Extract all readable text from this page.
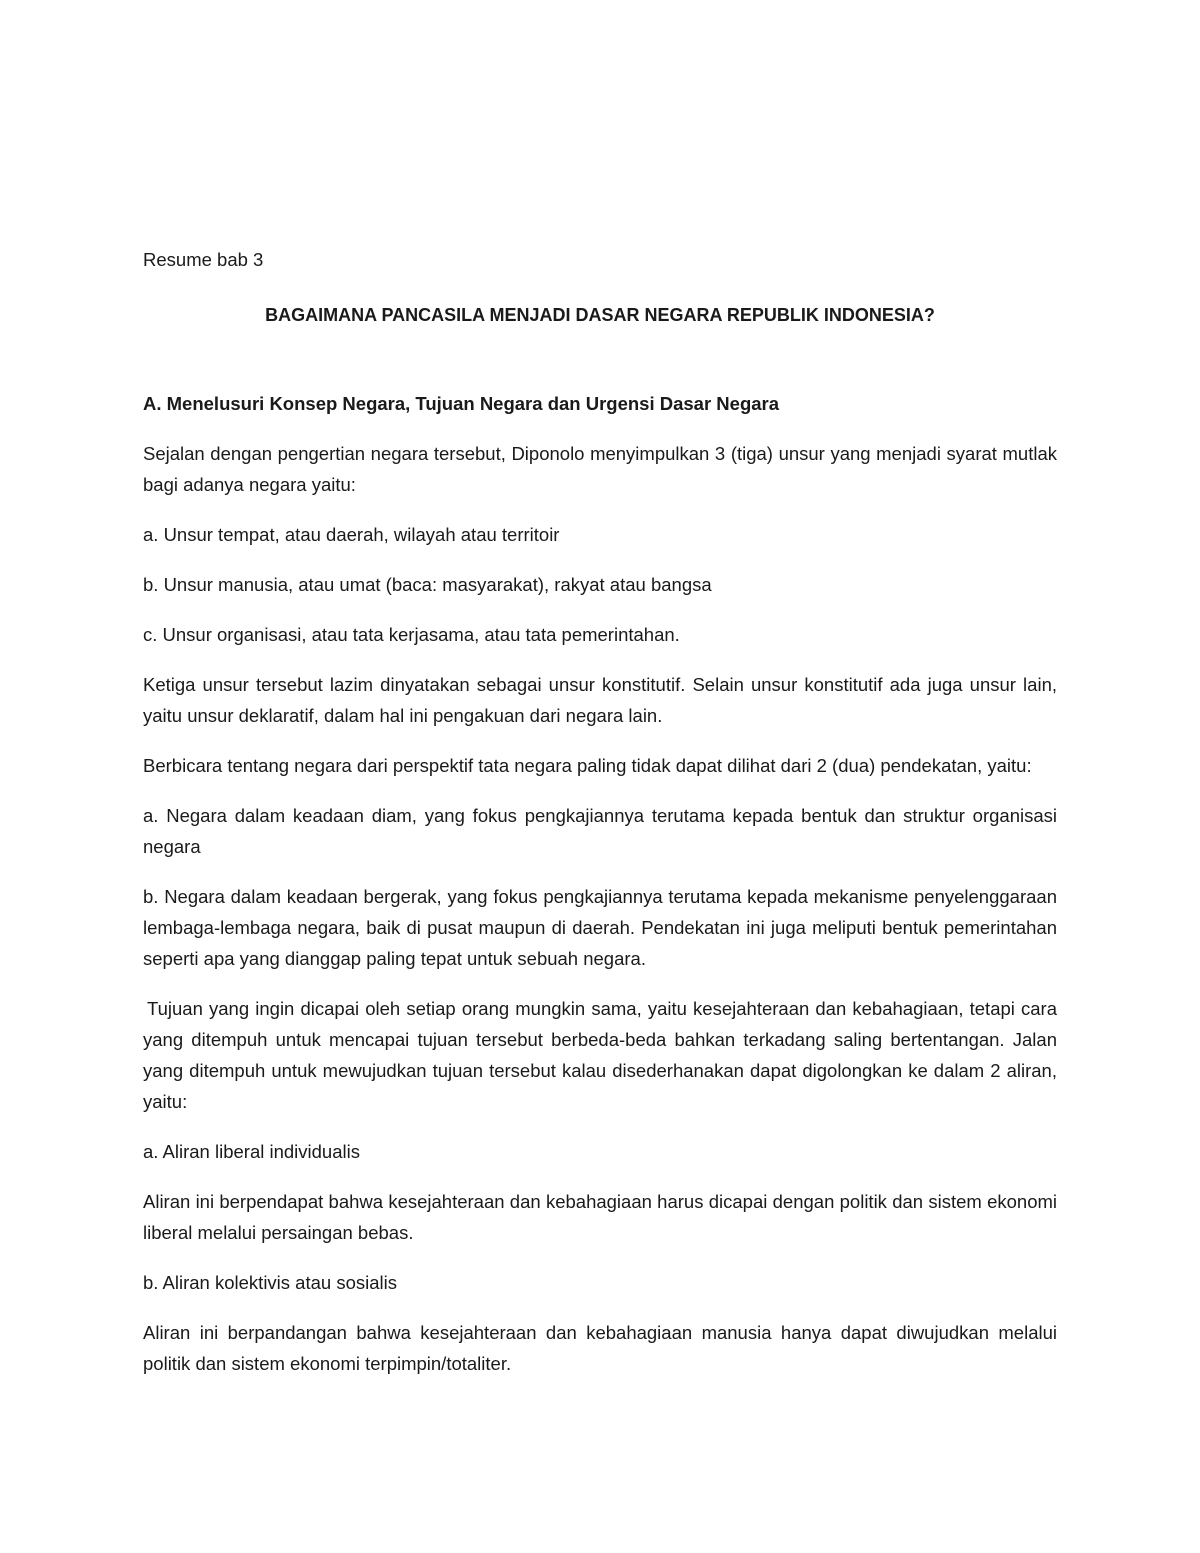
Resume bab 3

BAGAIMANA PANCASILA MENJADI DASAR NEGARA REPUBLIK INDONESIA?

A. Menelusuri Konsep Negara, Tujuan Negara dan Urgensi Dasar Negara

Sejalan dengan pengertian negara tersebut, Diponolo menyimpulkan 3 (tiga) unsur yang menjadi syarat mutlak bagi adanya negara yaitu:

a. Unsur tempat, atau daerah, wilayah atau territoir

b. Unsur manusia, atau umat (baca: masyarakat), rakyat atau bangsa

c. Unsur organisasi, atau tata kerjasama, atau tata pemerintahan.

Ketiga unsur tersebut lazim dinyatakan sebagai unsur konstitutif. Selain unsur konstitutif ada juga unsur lain, yaitu unsur deklaratif, dalam hal ini pengakuan dari negara lain.

Berbicara tentang negara dari perspektif tata negara paling tidak dapat dilihat dari 2 (dua) pendekatan, yaitu:

a. Negara dalam keadaan diam, yang fokus pengkajiannya terutama kepada bentuk dan struktur organisasi negara

b. Negara dalam keadaan bergerak, yang fokus pengkajiannya terutama kepada mekanisme penyelenggaraan lembaga-lembaga negara, baik di pusat maupun di daerah. Pendekatan ini juga meliputi bentuk pemerintahan seperti apa yang dianggap paling tepat untuk sebuah negara.

Tujuan yang ingin dicapai oleh setiap orang mungkin sama, yaitu kesejahteraan dan kebahagiaan, tetapi cara yang ditempuh untuk mencapai tujuan tersebut berbeda-beda bahkan terkadang saling bertentangan. Jalan yang ditempuh untuk mewujudkan tujuan tersebut kalau disederhanakan dapat digolongkan ke dalam 2 aliran, yaitu:

a. Aliran liberal individualis

Aliran ini berpendapat bahwa kesejahteraan dan kebahagiaan harus dicapai dengan politik dan sistem ekonomi liberal melalui persaingan bebas.

b. Aliran kolektivis atau sosialis

Aliran ini berpandangan bahwa kesejahteraan dan kebahagiaan manusia hanya dapat diwujudkan melalui politik dan sistem ekonomi terpimpin/totaliter.
